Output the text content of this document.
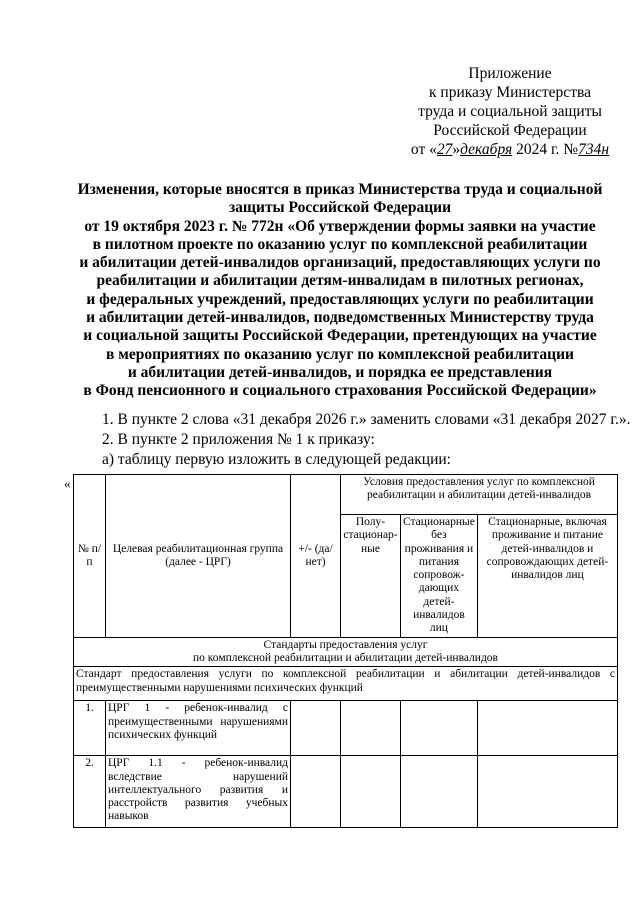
Приложение
к приказу Министерства
труда и социальной защиты
Российской Федерации
от «27»декабря 2024 г. №734н
Изменения, которые вносятся в приказ Министерства труда и социальной
защиты Российской Федерации
от 19 октября 2023 г. № 772н «Об утверждении формы заявки на участие
в пилотном проекте по оказанию услуг по комплексной реабилитации
и абилитации детей-инвалидов организаций, предоставляющих услуги по
реабилитации и абилитации детям-инвалидам в пилотных регионах,
и федеральных учреждений, предоставляющих услуги по реабилитации
и абилитации детей-инвалидов, подведомственных Министерству труда
и социальной защиты Российской Федерации, претендующих на участие
в мероприятиях по оказанию услуг по комплексной реабилитации
и абилитации детей-инвалидов, и порядка ее представления
в Фонд пенсионного и социального страхования Российской Федерации»
1. В пункте 2 слова «31 декабря 2026 г.» заменить словами «31 декабря 2027 г.».
2. В пункте 2 приложения № 1 к приказу:
а) таблицу первую изложить в следующей редакции:
«
№ п/п	Целевая реабилитационная группа (далее - ЦРГ)	+/- (да/нет)	Условия предоставления услуг по комплексной реабилитации и абилитации детей-инвалидов		
			Полу-стационар-ные	Стационарные без проживания и питания сопровож-дающих детей-инвалидов лиц	Стационарные, включая проживание и питание детей-инвалидов и сопровождающих детей-инвалидов лиц

Стандарты предоставления услуг
по комплексной реабилитации и абилитации детей-инвалидов					

Стандарт предоставления услуги по комплексной реабилитации и абилитации детей-инвалидов с преимущественными нарушениями психических функций					
1.	ЦРГ 1 - ребенок-инвалид с преимущественными нарушениями психических функций				
2.	ЦРГ 1.1 - ребенок-инвалид вследствие нарушений интеллектуального развития и расстройств развития учебных навыков				
